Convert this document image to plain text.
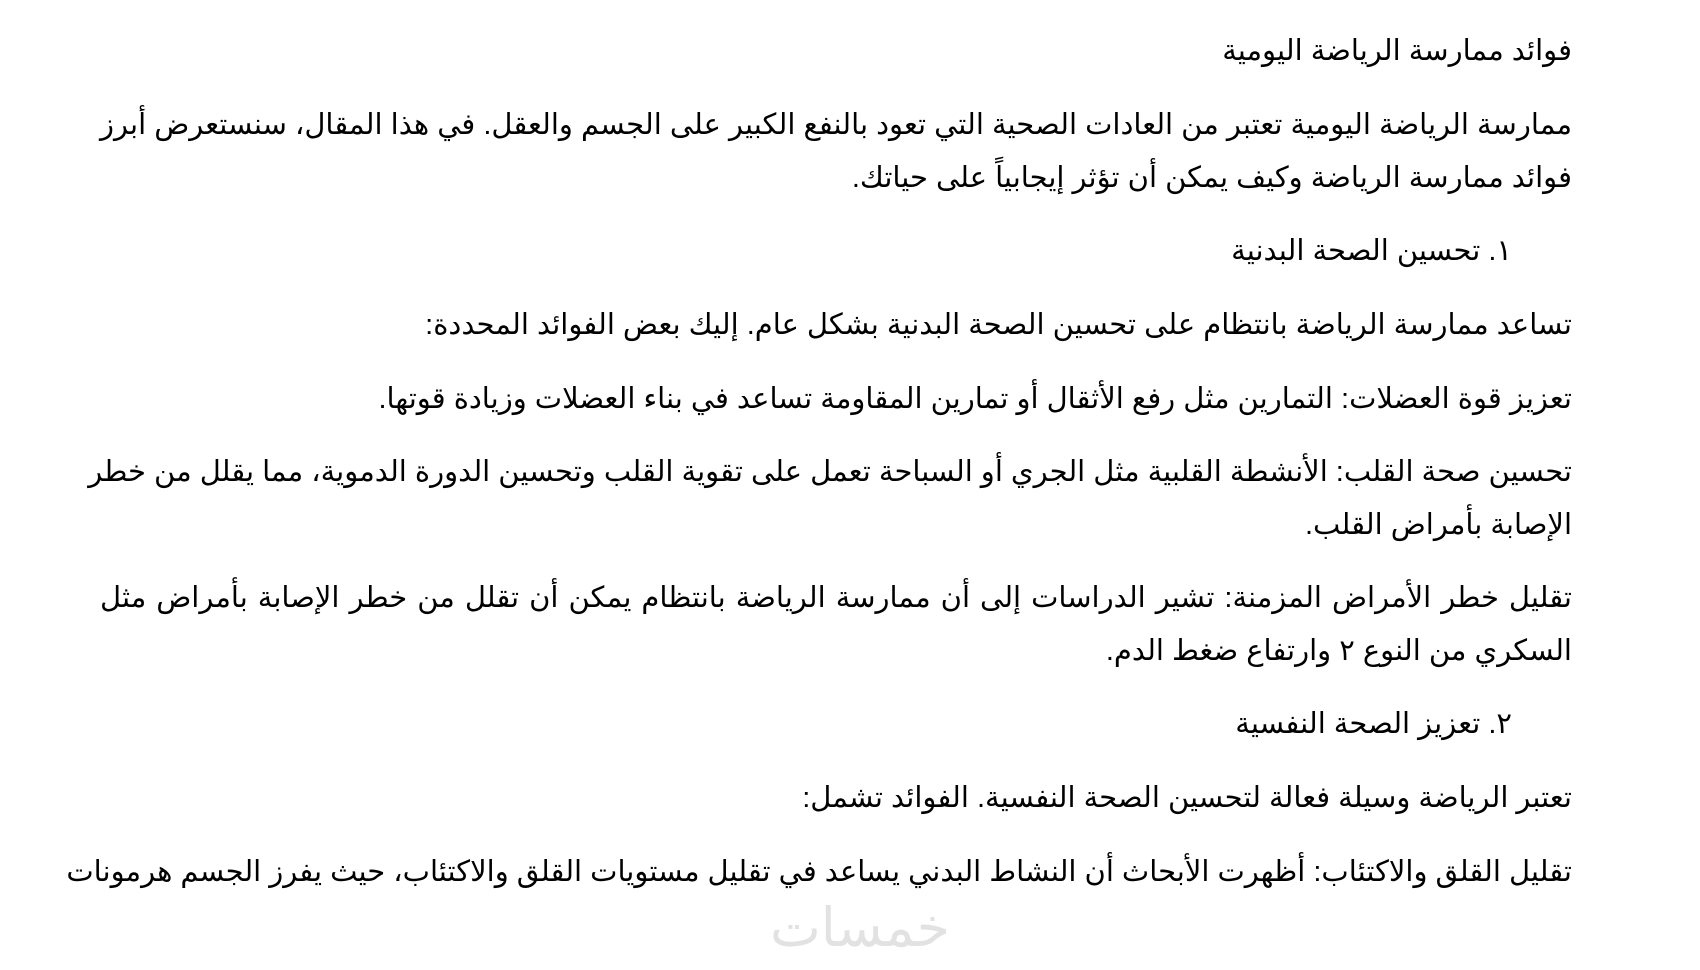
فوائد ممارسة الرياضة اليومية
ممارسة الرياضة اليومية تعتبر من العادات الصحية التي تعود بالنفع الكبير على الجسم والعقل. في هذا المقال، سنستعرض أبرز
فوائد ممارسة الرياضة وكيف يمكن أن تؤثر إيجابياً على حياتك.
١. تحسين الصحة البدنية
تساعد ممارسة الرياضة بانتظام على تحسين الصحة البدنية بشكل عام. إليك بعض الفوائد المحددة:
تعزيز قوة العضلات: التمارين مثل رفع الأثقال أو تمارين المقاومة تساعد في بناء العضلات وزيادة قوتها.
تحسين صحة القلب: الأنشطة القلبية مثل الجري أو السباحة تعمل على تقوية القلب وتحسين الدورة الدموية، مما يقلل من خطر
الإصابة بأمراض القلب.
تقليل خطر الأمراض المزمنة: تشير الدراسات إلى أن ممارسة الرياضة بانتظام يمكن أن تقلل من خطر الإصابة بأمراض مثل
السكري من النوع ٢ وارتفاع ضغط الدم.
٢. تعزيز الصحة النفسية
تعتبر الرياضة وسيلة فعالة لتحسين الصحة النفسية. الفوائد تشمل:
تقليل القلق والاكتئاب: أظهرت الأبحاث أن النشاط البدني يساعد في تقليل مستويات القلق والاكتئاب، حيث يفرز الجسم هرمونات
خمسات
